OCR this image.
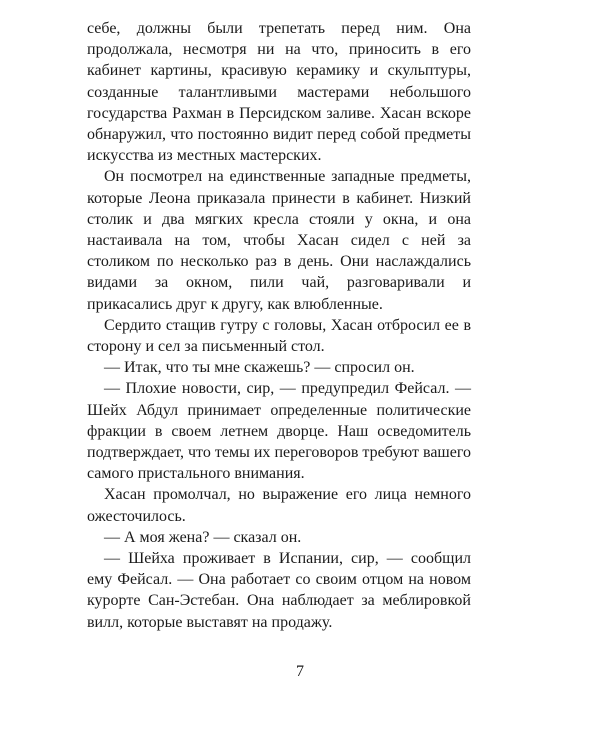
себе, должны были трепетать перед ним. Она продолжала, несмотря ни на что, приносить в его кабинет картины, красивую керамику и скульптуры, созданные талантливыми мастерами небольшого государства Рахман в Персидском заливе. Хасан вскоре обнаружил, что постоянно видит перед собой предметы искусства из местных мастерских.

Он посмотрел на единственные западные предметы, которые Леона приказала принести в кабинет. Низкий столик и два мягких кресла стояли у окна, и она настаивала на том, чтобы Хасан сидел с ней за столиком по несколько раз в день. Они наслаждались видами за окном, пили чай, разговаривали и прикасались друг к другу, как влюбленные.

Сердито стащив гутру с головы, Хасан отбросил ее в сторону и сел за письменный стол.

— Итак, что ты мне скажешь? — спросил он.

— Плохие новости, сир, — предупредил Фейсал. — Шейх Абдул принимает определенные политические фракции в своем летнем дворце. Наш осведомитель подтверждает, что темы их переговоров требуют вашего самого пристального внимания.

Хасан промолчал, но выражение его лица немного ожесточилось.

— А моя жена? — сказал он.

— Шейха проживает в Испании, сир, — сообщил ему Фейсал. — Она работает со своим отцом на новом курорте Сан-Эстебан. Она наблюдает за меблировкой вилл, которые выставят на продажу.

7
